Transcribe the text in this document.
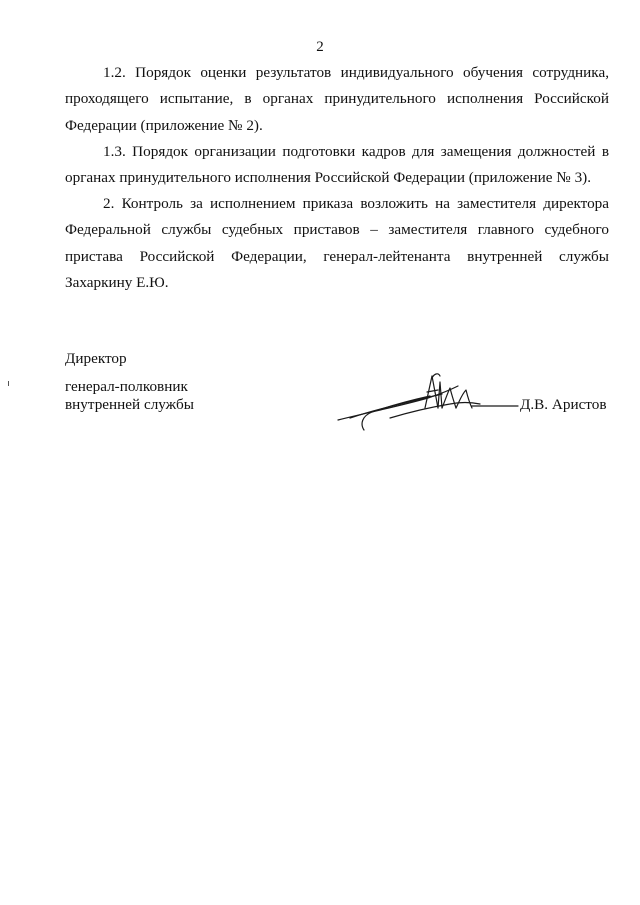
2

1.2. Порядок оценки результатов индивидуального обучения сотрудника, проходящего испытание, в органах принудительного исполнения Российской Федерации (приложение № 2).

1.3. Порядок организации подготовки кадров для замещения должностей в органах принудительного исполнения Российской Федерации (приложение № 3).

2. Контроль за исполнением приказа возложить на заместителя директора Федеральной службы судебных приставов – заместителя главного судебного пристава Российской Федерации, генерал-лейтенанта внутренней службы Захаркину Е.Ю.

Директор
генерал-полковник
внутренней службы	Д.В. Аристов
